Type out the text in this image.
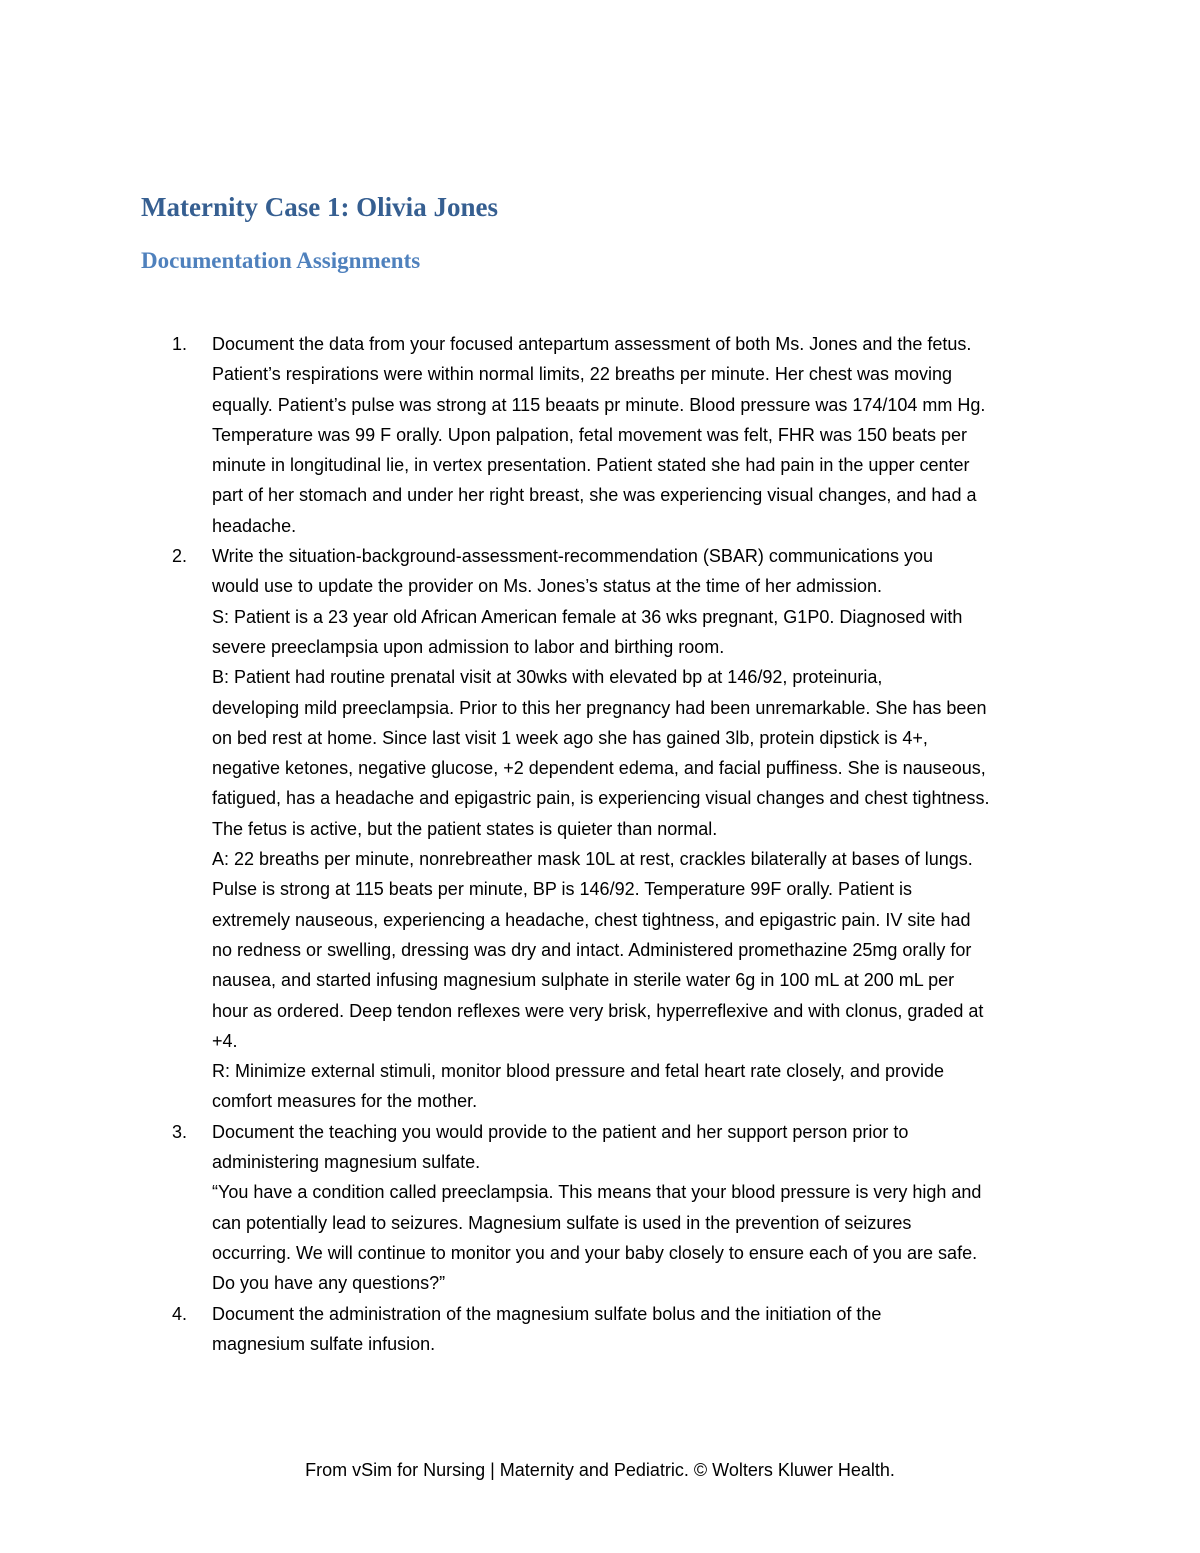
Maternity Case 1: Olivia Jones
Documentation Assignments
1. Document the data from your focused antepartum assessment of both Ms. Jones and the fetus.
Patient’s respirations were within normal limits, 22 breaths per minute. Her chest was moving
equally. Patient’s pulse was strong at 115 beaats pr minute. Blood pressure was 174/104 mm Hg.
Temperature was 99 F orally. Upon palpation, fetal movement was felt, FHR was 150 beats per
minute in longitudinal lie, in vertex presentation. Patient stated she had pain in the upper center
part of her stomach and under her right breast, she was experiencing visual changes, and had a
headache.
2. Write the situation-background-assessment-recommendation (SBAR) communications you
would use to update the provider on Ms. Jones’s status at the time of her admission.
S: Patient is a 23 year old African American female at 36 wks pregnant, G1P0. Diagnosed with
severe preeclampsia upon admission to labor and birthing room.
B: Patient had routine prenatal visit at 30wks with elevated bp at 146/92, proteinuria,
developing mild preeclampsia. Prior to this her pregnancy had been unremarkable. She has been
on bed rest at home. Since last visit 1 week ago she has gained 3lb, protein dipstick is 4+,
negative ketones, negative glucose, +2 dependent edema, and facial puffiness. She is nauseous,
fatigued, has a headache and epigastric pain, is experiencing visual changes and chest tightness.
The fetus is active, but the patient states is quieter than normal.
A: 22 breaths per minute, nonrebreather mask 10L at rest, crackles bilaterally at bases of lungs.
Pulse is strong at 115 beats per minute, BP is 146/92. Temperature 99F orally. Patient is
extremely nauseous, experiencing a headache, chest tightness, and epigastric pain. IV site had
no redness or swelling, dressing was dry and intact. Administered promethazine 25mg orally for
nausea, and started infusing magnesium sulphate in sterile water 6g in 100 mL at 200 mL per
hour as ordered. Deep tendon reflexes were very brisk, hyperreflexive and with clonus, graded at
+4.
R: Minimize external stimuli, monitor blood pressure and fetal heart rate closely, and provide
comfort measures for the mother.
3. Document the teaching you would provide to the patient and her support person prior to
administering magnesium sulfate.
“You have a condition called preeclampsia. This means that your blood pressure is very high and
can potentially lead to seizures. Magnesium sulfate is used in the prevention of seizures
occurring. We will continue to monitor you and your baby closely to ensure each of you are safe.
Do you have any questions?”
4. Document the administration of the magnesium sulfate bolus and the initiation of the
magnesium sulfate infusion.
From vSim for Nursing | Maternity and Pediatric. © Wolters Kluwer Health.
